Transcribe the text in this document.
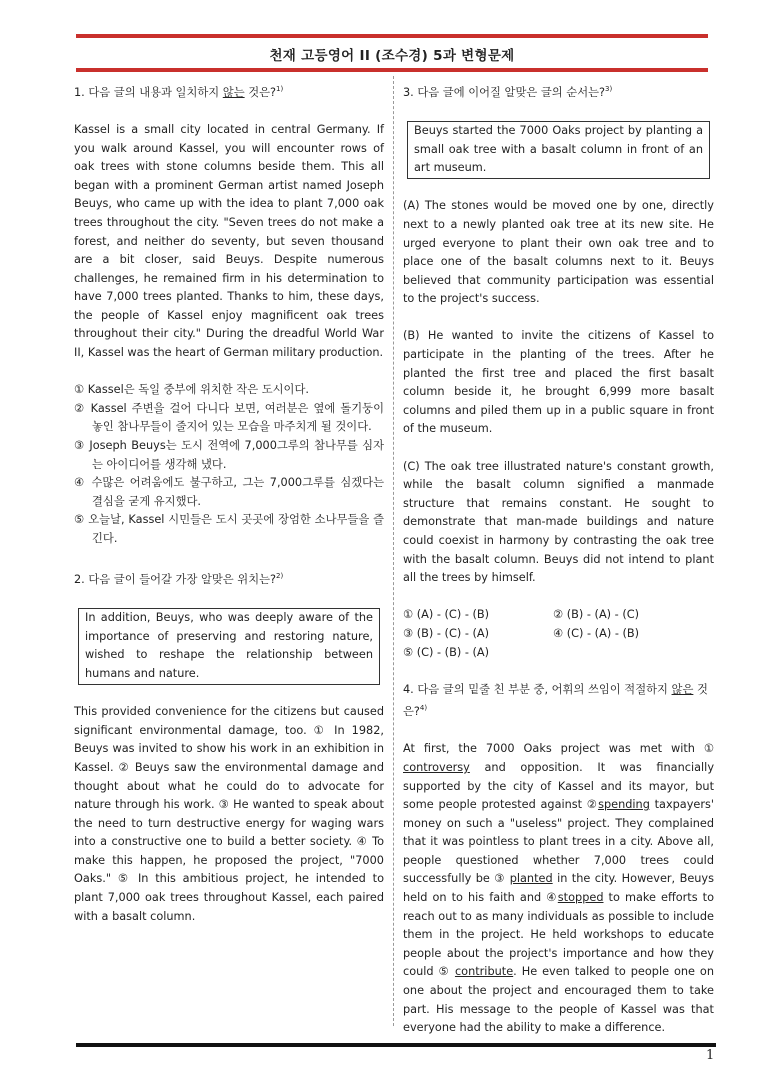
천재 고등영어 II (조수경) 5과 변형문제
1. 다음 글의 내용과 일치하지 않는 것은?$^{1)}$

Kassel is a small city located in central Germany. If you walk around Kassel, you will encounter rows of oak trees with stone columns beside them. This all began with a prominent German artist named Joseph Beuys, who came up with the idea to plant 7,000 oak trees throughout the city. "Seven trees do not make a forest, and neither do seventy, but seven thousand are a bit closer, said Beuys. Despite numerous challenges, he remained firm in his determination to have 7,000 trees planted. Thanks to him, these days, the people of Kassel enjoy magnificent oak trees throughout their city." During the dreadful World War II, Kassel was the heart of German military production.

① Kassel은 독일 중부에 위치한 작은 도시이다.
② Kassel 주변을 걸어 다니다 보면, 여러분은 옆에 돌기둥이 놓인 참나무들이 줄지어 있는 모습을 마주치게 될 것이다.
③ Joseph Beuys는 도시 전역에 7,000그루의 참나무를 심자는 아이디어를 생각해 냈다.
④ 수많은 어려움에도 불구하고, 그는 7,000그루를 심겠다는 결심을 굳게 유지했다.
⑤ 오늘날, Kassel 시민들은 도시 곳곳에 장엄한 소나무들을 즐긴다.
2. 다음 글이 들어갈 가장 알맞은 위치는?$^{2)}$
In addition, Beuys, who was deeply aware of the importance of preserving and restoring nature, wished to reshape the relationship between humans and nature.

This provided convenience for the citizens but caused significant environmental damage, too. ① In 1982, Beuys was invited to show his work in an exhibition in Kassel. ② Beuys saw the environmental damage and thought about what he could do to advocate for nature through his work. ③ He wanted to speak about the need to turn destructive energy for waging wars into a constructive one to build a better society. ④ To make this happen, he proposed the project, "7000 Oaks." ⑤ In this ambitious project, he intended to plant 7,000 oak trees throughout Kassel, each paired with a basalt column.

3. 다음 글에 이어질 알맞은 글의 순서는?$^{3)}$
Beuys started the 7000 Oaks project by planting a small oak tree with a basalt column in front of an art museum.

(A) The stones would be moved one by one, directly next to a newly planted oak tree at its new site. He urged everyone to plant their own oak tree and to place one of the basalt columns next to it. Beuys believed that community participation was essential to the project's success.

(B) He wanted to invite the citizens of Kassel to participate in the planting of the trees. After he planted the first tree and placed the first basalt column beside it, he brought 6,999 more basalt columns and piled them up in a public square in front of the museum.

(C) The oak tree illustrated nature's constant growth, while the basalt column signified a manmade structure that remains constant. He sought to demonstrate that man-made buildings and nature could coexist in harmony by contrasting the oak tree with the basalt column. Beuys did not intend to plant all the trees by himself.

① (A) - (C) - (B)	② (B) - (A) - (C)
③ (B) - (C) - (A)	④ (C) - (A) - (B)
⑤ (C) - (B) - (A)
4. 다음 글의 밑줄 친 부분 중, 어휘의 쓰임이 적절하지 않은 것은?$^{4)}$

At first, the 7000 Oaks project was met with ① controversy and opposition. It was financially supported by the city of Kassel and its mayor, but some people protested against ②spending taxpayers' money on such a "useless" project. They complained that it was pointless to plant trees in a city. Above all, people questioned whether 7,000 trees could successfully be ③ planted in the city. However, Beuys held on to his faith and ④stopped to make efforts to reach out to as many individuals as possible to include them in the project. He held workshops to educate people about the project's importance and how they could ⑤ contribute. He even talked to people one on one about the project and encouraged them to take part. His message to the people of Kassel was that everyone had the ability to make a difference.

1
